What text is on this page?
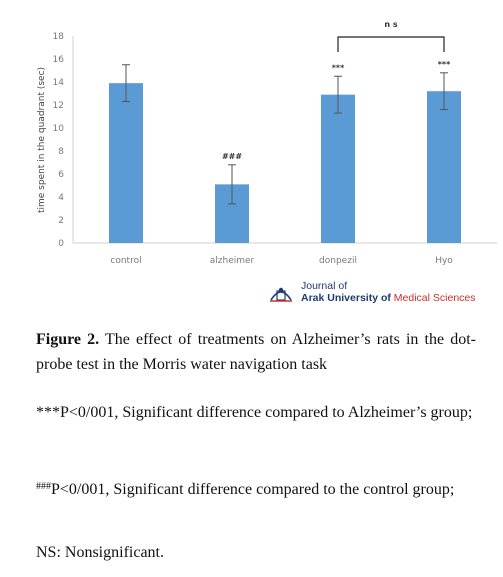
time spent in the quadrant (sec)
0
2
4
6
8
10
12
14
16
18
###
***	***
control	alzheimer	donpezil	Hyo
n s
Journal of
Arak University of Medical Sciences
Figure 2. The effect of treatments on Alzheimer’s rats in the dot-probe test in the Morris water navigation task
***P<0/001, Significant difference compared to Alzheimer’s group;
###P<0/001, Significant difference compared to the control group;
NS: Nonsignificant.
